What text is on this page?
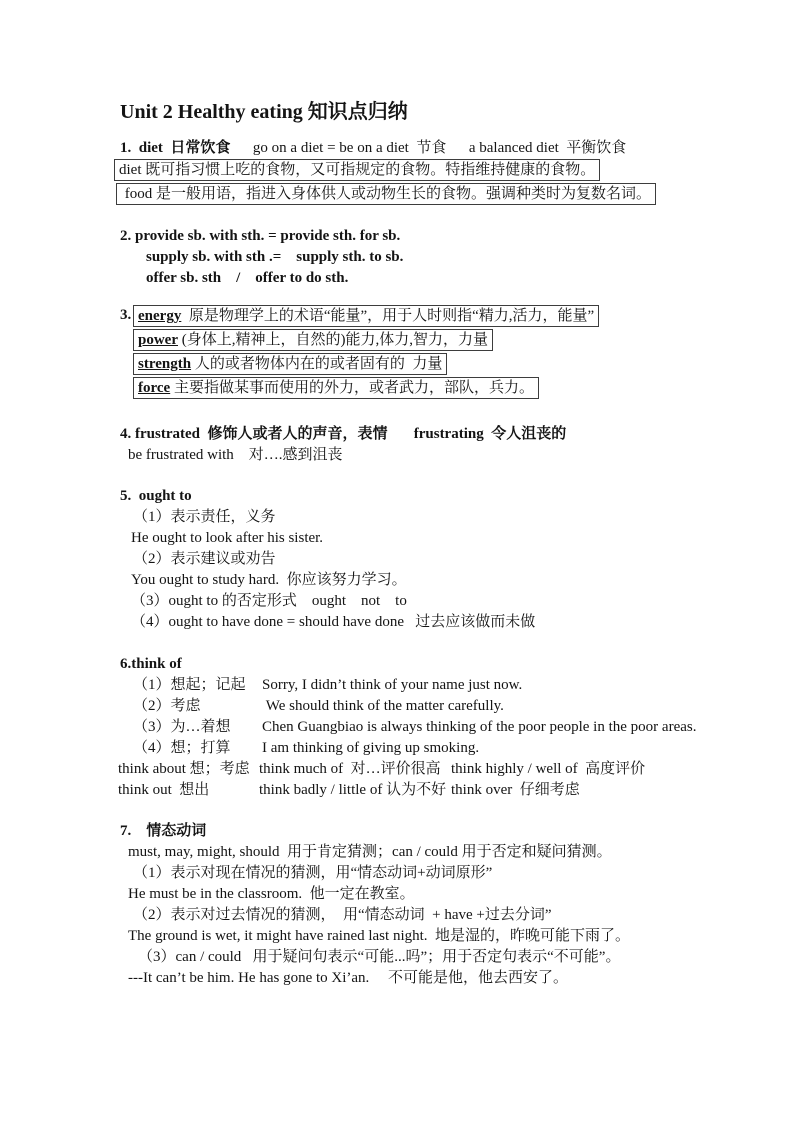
Unit 2 Healthy eating 知识点归纳

1.  diet  日常饮食      go on a diet = be on a diet  节食      a balanced diet  平衡饮食

diet 既可指习惯上吃的食物，又可指规定的食物。特指维持健康的食物。
food 是一般用语，指进入身体供人或动物生长的食物。强调种类时为复数名词。

2. provide sb. with sth. = provide sth. for sb.

supply sb. with sth .=    supply sth. to sb.

offer sb. sth    /    offer to do sth.

3. energy  原是物理学上的术语“能量”，用于人时则指“精力,活力，能量”
power (身体上,精神上，自然的)能力,体力,智力，力量
strength 人的或者物体内在的或者固有的  力量
force 主要指做某事而使用的外力，或者武力，部队，兵力。

4. frustrated  修饰人或者人的声音，表情       frustrating  令人沮丧的

be frustrated with    对….感到沮丧

5.  ought to

（1）表示责任，义务

He ought to look after his sister.

（2）表示建议或劝告

You ought to study hard.  你应该努力学习。

（3）ought to 的否定形式    ought    not    to

（4）ought to have done = should have done   过去应该做而未做

6.think of

（1）想起；记起	Sorry, I didn’t think of your name just now.

（2）考虑	We should think of the matter carefully.

（3）为…着想	Chen Guangbiao is always thinking of the poor people in the poor areas.

（4）想；打算	I am thinking of giving up smoking.

think about 想；考虑 think much of  对…评价很高 think highly / well of  高度评价

think out  想出	think badly / little of 认为不好 think over  仔细考虑

7.    情态动词

must, may, might, should  用于肯定猜测；can / could 用于否定和疑问猜测。

（1）表示对现在情况的猜测，用“情态动词+动词原形”

He must be in the classroom.  他一定在教室。

（2）表示对过去情况的猜测，  用“情态动词  + have +过去分词”

The ground is wet, it might have rained last night.  地是湿的，昨晚可能下雨了。

（3）can / could   用于疑问句表示“可能...吗”；用于否定句表示“不可能”。

---It can’t be him. He has gone to Xi’an.     不可能是他，他去西安了。
